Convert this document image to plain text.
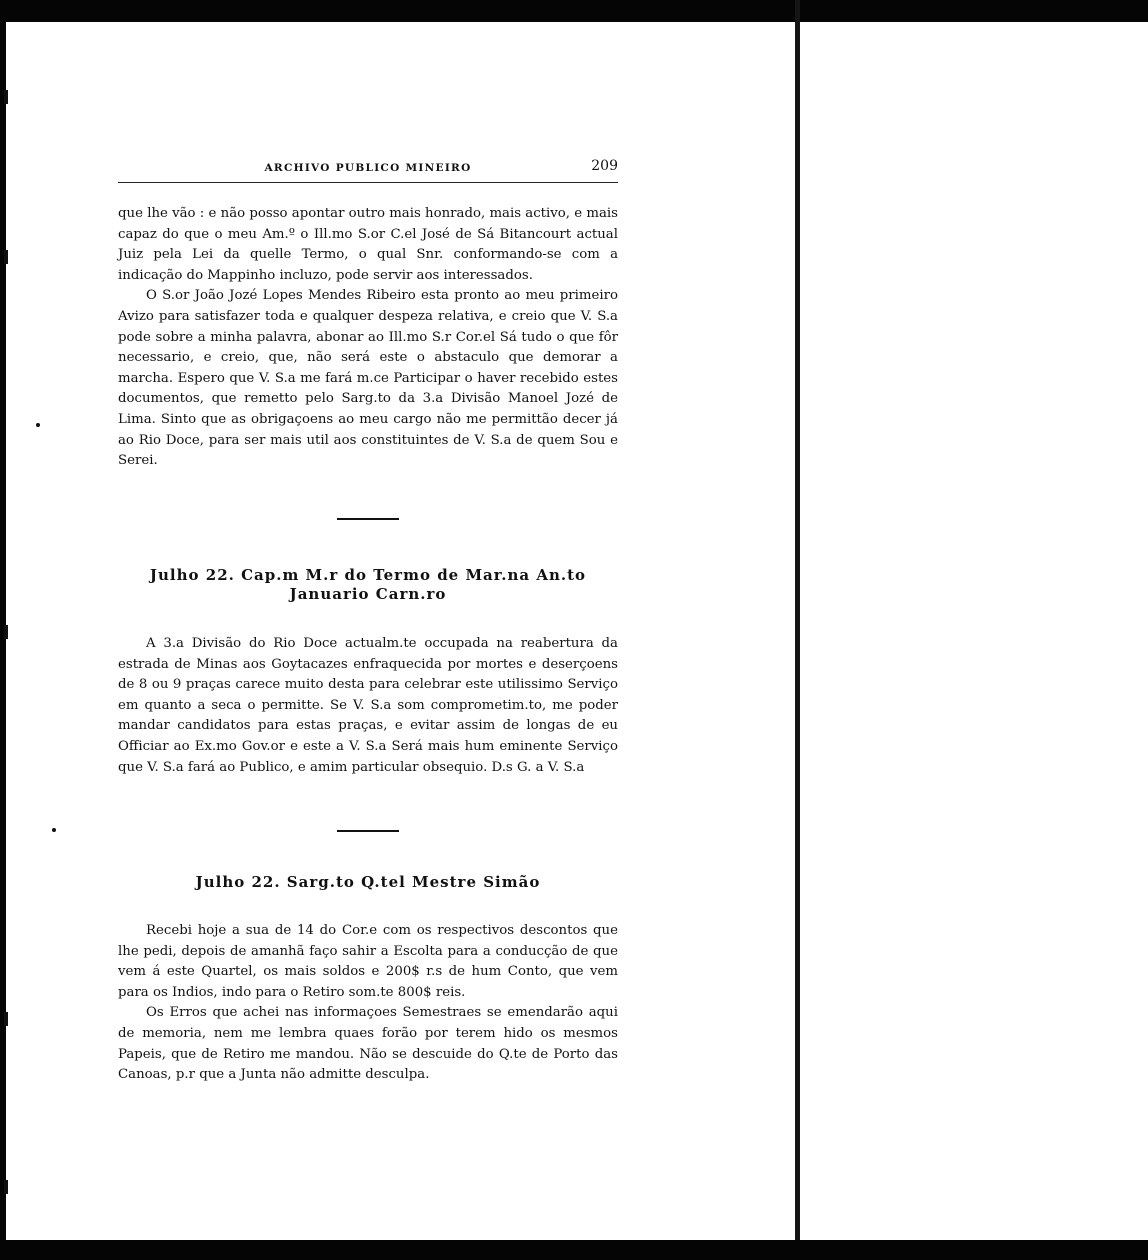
ARCHIVO PUBLICO MINEIRO	209

que lhe vão : e não posso apontar outro mais honrado, mais activo, e mais capaz do que o meu Am.º o Ill.mo S.or C.el José de Sá Bitancourt actual Juiz pela Lei da quelle Termo, o qual Snr. conformando-se com a indicação do Mappinho incluzo, pode servir aos interessados.

O S.or João Jozé Lopes Mendes Ribeiro esta pronto ao meu primeiro Avizo para satisfazer toda e qualquer despeza relativa, e creio que V. S.a pode sobre a minha palavra, abonar ao Ill.mo S.r Cor.el Sá tudo o que fôr necessario, e creio, que, não será este o abstaculo que demorar a marcha. Espero que V. S.a me fará m.ce Participar o haver recebido estes documentos, que remetto pelo Sarg.to da 3.a Divisão Manoel Jozé de Lima. Sinto que as obrigaçoens ao meu cargo não me permittão decer já ao Rio Doce, para ser mais util aos constituintes de V. S.a de quem Sou e Serei.

Julho 22. Cap.m M.r do Termo de Mar.na An.to
Januario Carn.ro

A 3.a Divisão do Rio Doce actualm.te occupada na reabertura da estrada de Minas aos Goytacazes enfraquecida por mortes e deserçoens de 8 ou 9 praças carece muito desta para celebrar este utilissimo Serviço em quanto a seca o permitte. Se V. S.a som comprometim.to, me poder mandar candidatos para estas praças, e evitar assim de longas de eu Officiar ao Ex.mo Gov.or e este a V. S.a Será mais hum eminente Serviço que V. S.a fará ao Publico, e amim particular obsequio. D.s G. a V. S.a

Julho 22. Sarg.to Q.tel Mestre Simão

Recebi hoje a sua de 14 do Cor.e com os respectivos descontos que lhe pedi, depois de amanhã faço sahir a Escolta para a conducção de que vem á este Quartel, os mais soldos e 200$ r.s de hum Conto, que vem para os Indios, indo para o Retiro som.te 800$ reis.

Os Erros que achei nas informaçoes Semestraes se emendarão aqui de memoria, nem me lembra quaes forão por terem hido os mesmos Papeis, que de Retiro me mandou. Não se descuide do Q.te de Porto das Canoas, p.r que a Junta não admitte desculpa.
